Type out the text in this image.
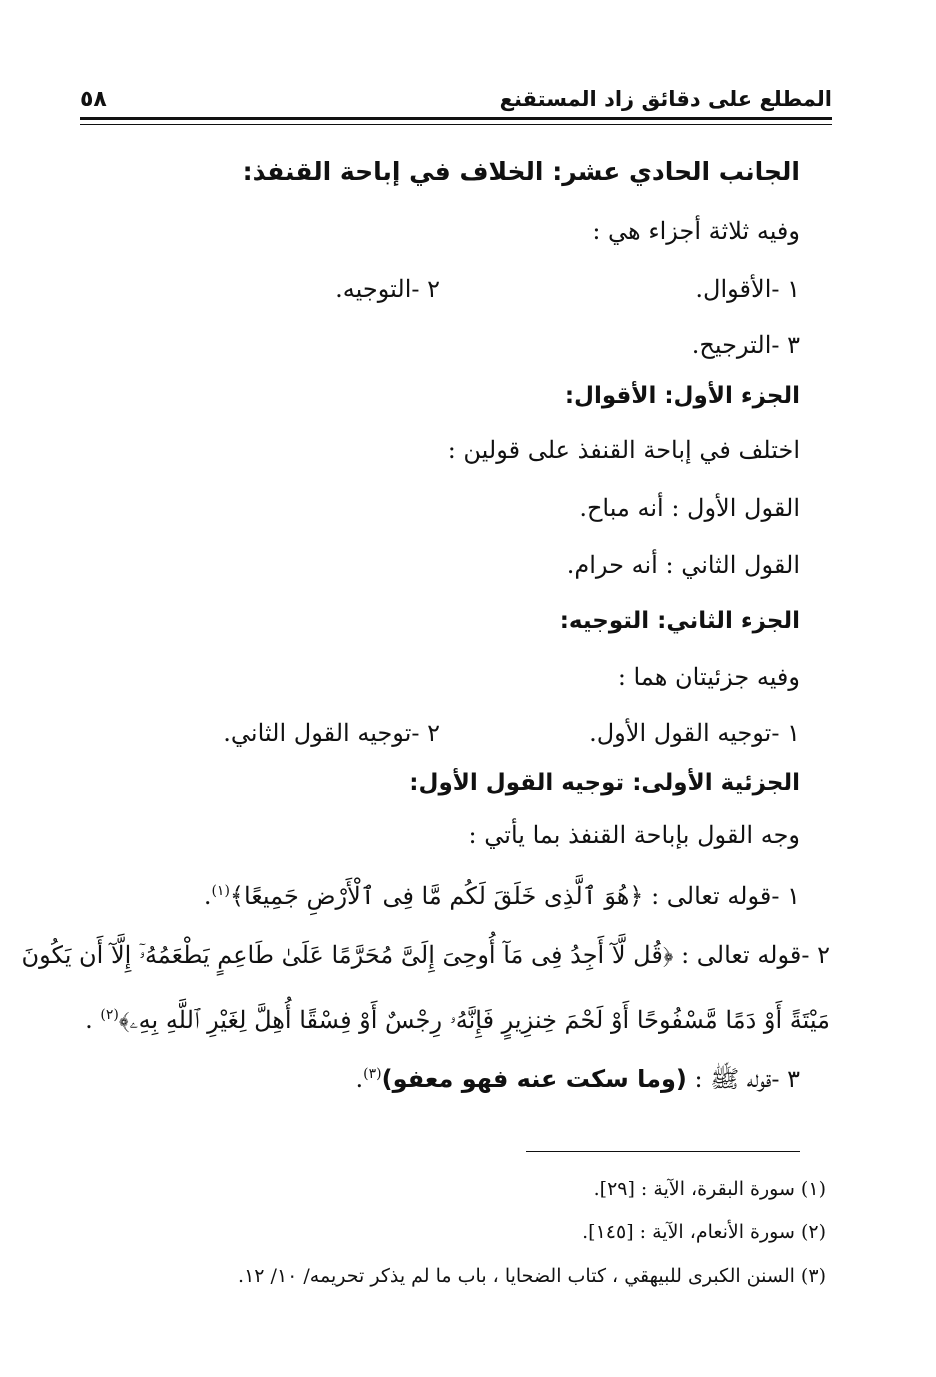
المطلع على دقائق زاد المستقنع
٥٨
الجانب الحادي عشر: الخلاف في إباحة القنفذ:
وفيه ثلاثة أجزاء هي :
١ -الأقوال.
٢ -التوجيه.
٣ -الترجيح.
الجزء الأول: الأقوال:
اختلف في إباحة القنفذ على قولين :
القول الأول : أنه مباح.
القول الثاني : أنه حرام.
الجزء الثاني: التوجيه:
وفيه جزئيتان هما :
١ -توجيه القول الأول.
٢ -توجيه القول الثاني.
الجزئية الأولى: توجيه القول الأول:
وجه القول بإباحة القنفذ بما يأتي :
١ -قوله تعالى : ﴿هُوَ ٱلَّذِى خَلَقَ لَكُم مَّا فِى ٱلْأَرْضِ جَمِيعًا﴾$^{(١)}$.
٢ -قوله تعالى : ﴿قُل لَّآ أَجِدُ فِى مَآ أُوحِىَ إِلَىَّ مُحَرَّمًا عَلَىٰ طَاعِمٍ يَطْعَمُهُۥٓ إِلَّآ أَن يَكُونَ
مَيْتَةً أَوْ دَمًا مَّسْفُوحًا أَوْ لَحْمَ خِنزِيرٍ فَإِنَّهُۥ رِجْسٌ أَوْ فِسْقًا أُهِلَّ لِغَيْرِ ٱللَّهِ بِهِۦ﴾$^{(٢)}$ .
٣ -قوله ﷺ : (وما سكت عنه فهو معفو)$^{(٣)}$.
(١) سورة البقرة، الآية : [٢٩].
(٢) سورة الأنعام، الآية : [١٤٥].
(٣) السنن الكبرى للبيهقي ، كتاب الضحايا ، باب ما لم يذكر تحريمه/ ١٠/ ١٢.
